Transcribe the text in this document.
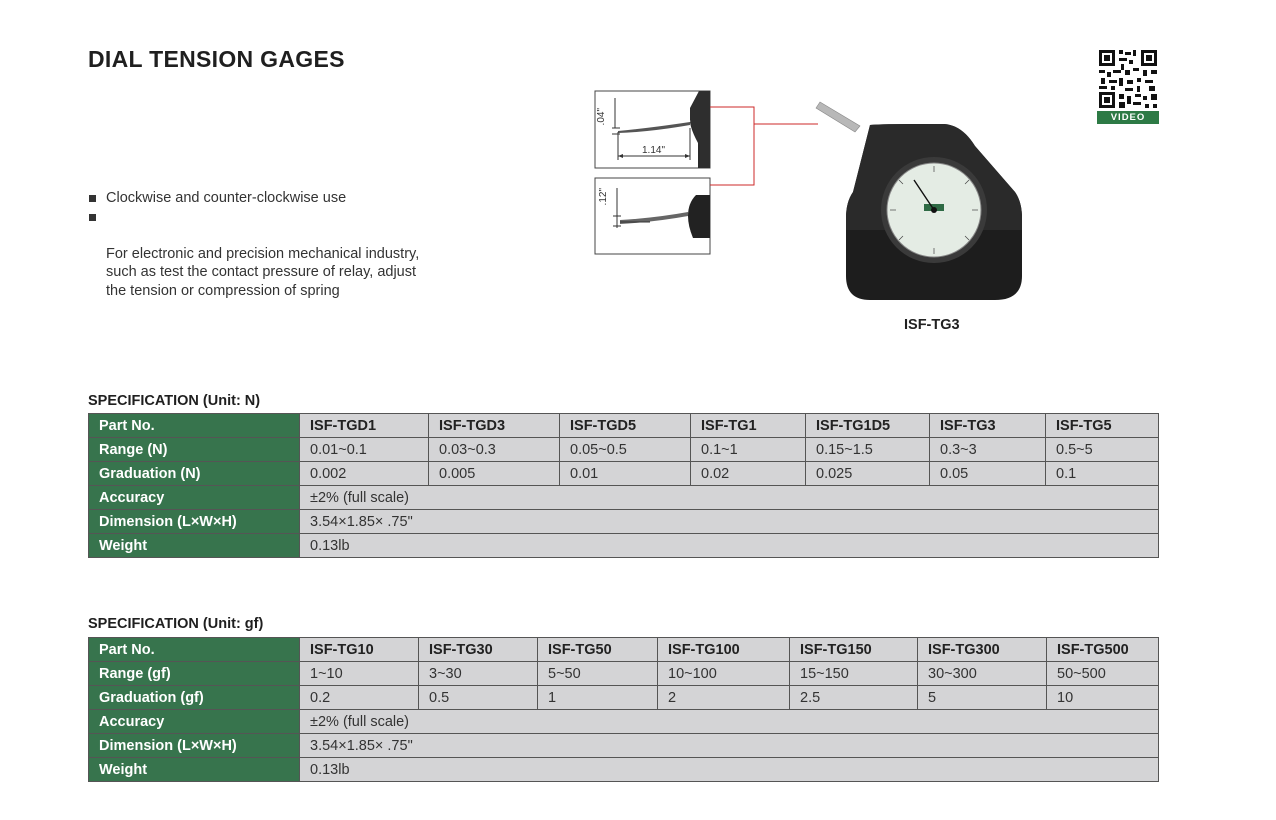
DIAL TENSION GAGES
Clockwise and counter-clockwise use

For electronic and precision mechanical industry,
such as test the contact pressure of relay, adjust
the tension or compression of spring

.04"
1.14"
.12"
ISF-TG3
VIDEO
SPECIFICATION (Unit: N)
Part No.	ISF-TGD1	ISF-TGD3	ISF-TGD5	ISF-TG1	ISF-TG1D5	ISF-TG3	ISF-TG5
Range (N)	0.01~0.1	0.03~0.3	0.05~0.5	0.1~1	0.15~1.5	0.3~3	0.5~5
Graduation (N)	0.002	0.005	0.01	0.02	0.025	0.05	0.1
Accuracy	±2% (full scale)						
Dimension (L×W×H)	3.54×1.85× .75"						
Weight	0.13lb						
SPECIFICATION (Unit: gf)
Part No.	ISF-TG10	ISF-TG30	ISF-TG50	ISF-TG100	ISF-TG150	ISF-TG300	ISF-TG500
Range (gf)	1~10	3~30	5~50	10~100	15~150	30~300	50~500
Graduation (gf)	0.2	0.5	1	2	2.5	5	10
Accuracy	±2% (full scale)						
Dimension (L×W×H)	3.54×1.85× .75"						
Weight	0.13lb						
